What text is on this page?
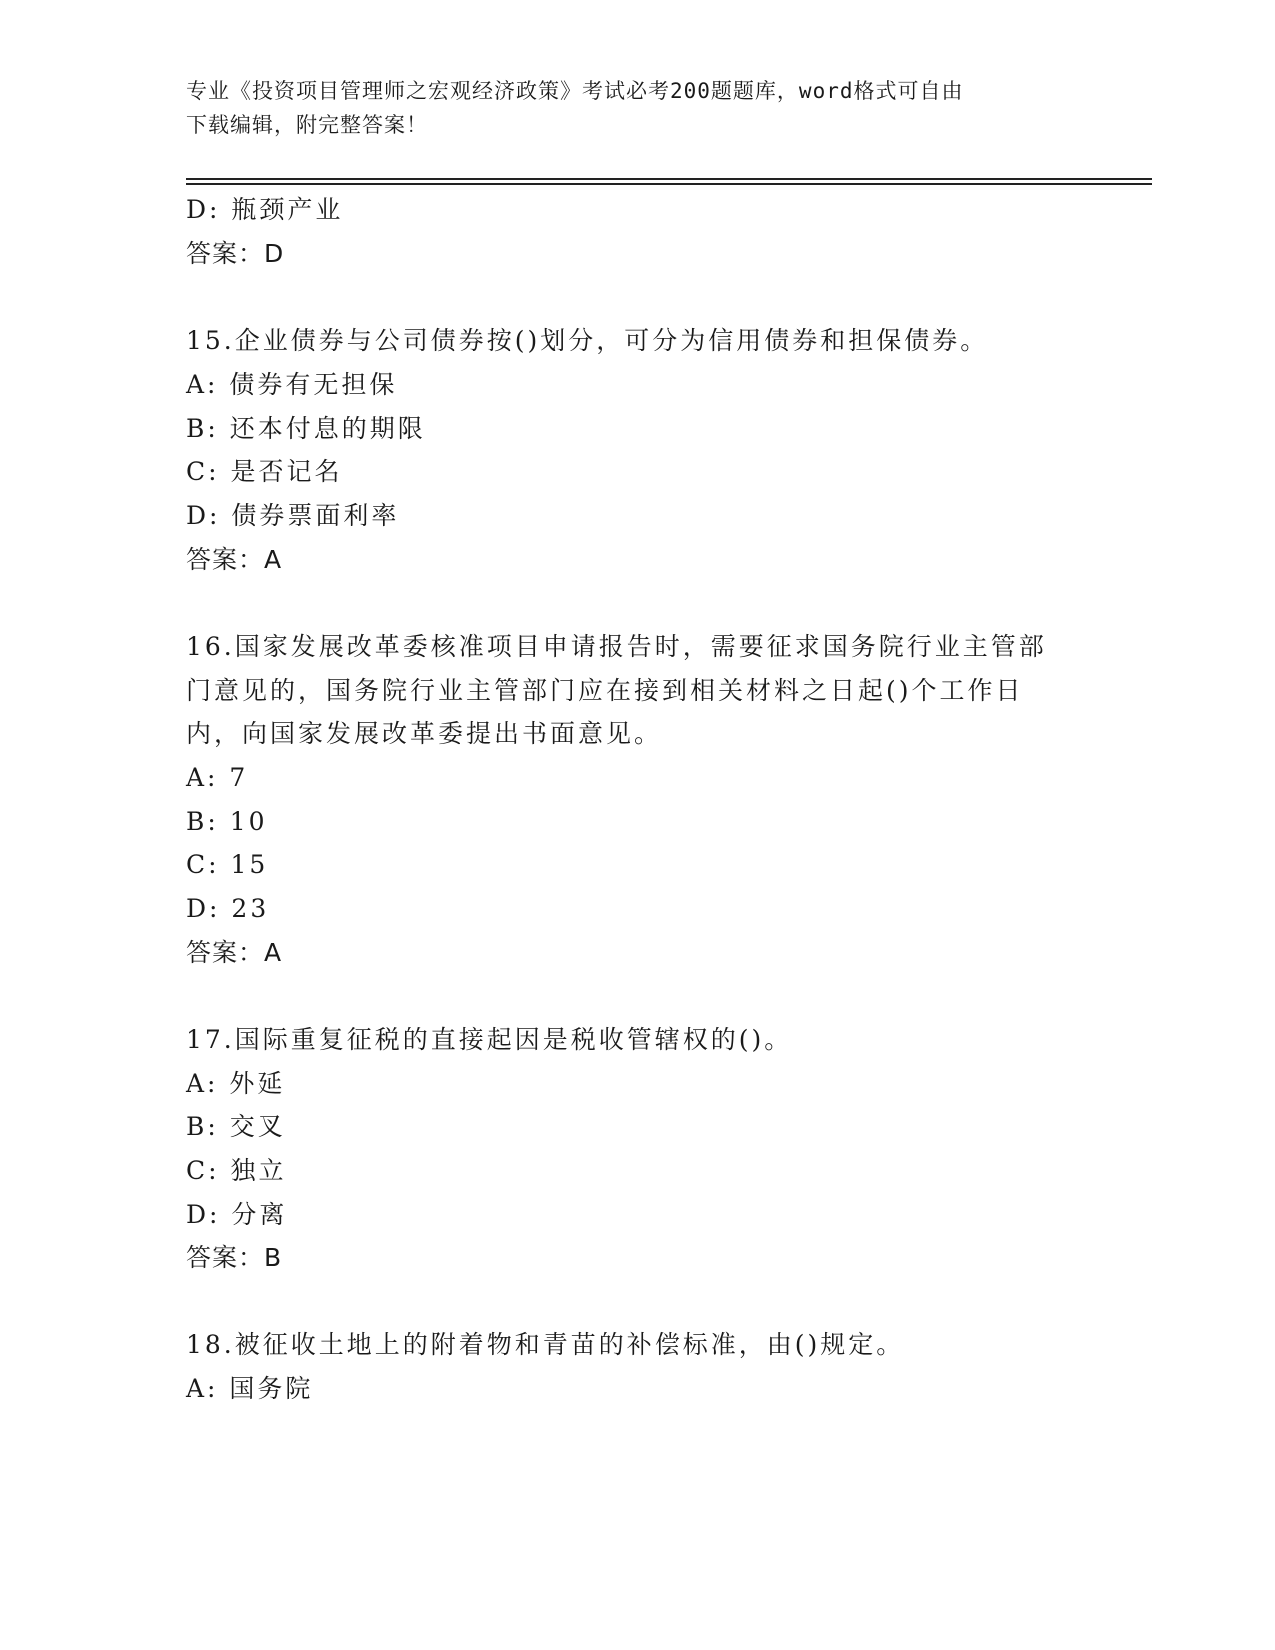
专业《投资项目管理师之宏观经济政策》考试必考200题题库，word格式可自由
下载编辑，附完整答案！
D: 瓶颈产业
答案：D
15.企业债券与公司债券按()划分，可分为信用债券和担保债券。
A: 债券有无担保
B: 还本付息的期限
C: 是否记名
D: 债券票面利率
答案：A
16.国家发展改革委核准项目申请报告时，需要征求国务院行业主管部
门意见的，国务院行业主管部门应在接到相关材料之日起()个工作日
内，向国家发展改革委提出书面意见。
A: 7
B: 10
C: 15
D: 23
答案：A
17.国际重复征税的直接起因是税收管辖权的()。
A: 外延
B: 交叉
C: 独立
D: 分离
答案：B
18.被征收土地上的附着物和青苗的补偿标准，由()规定。
A: 国务院
